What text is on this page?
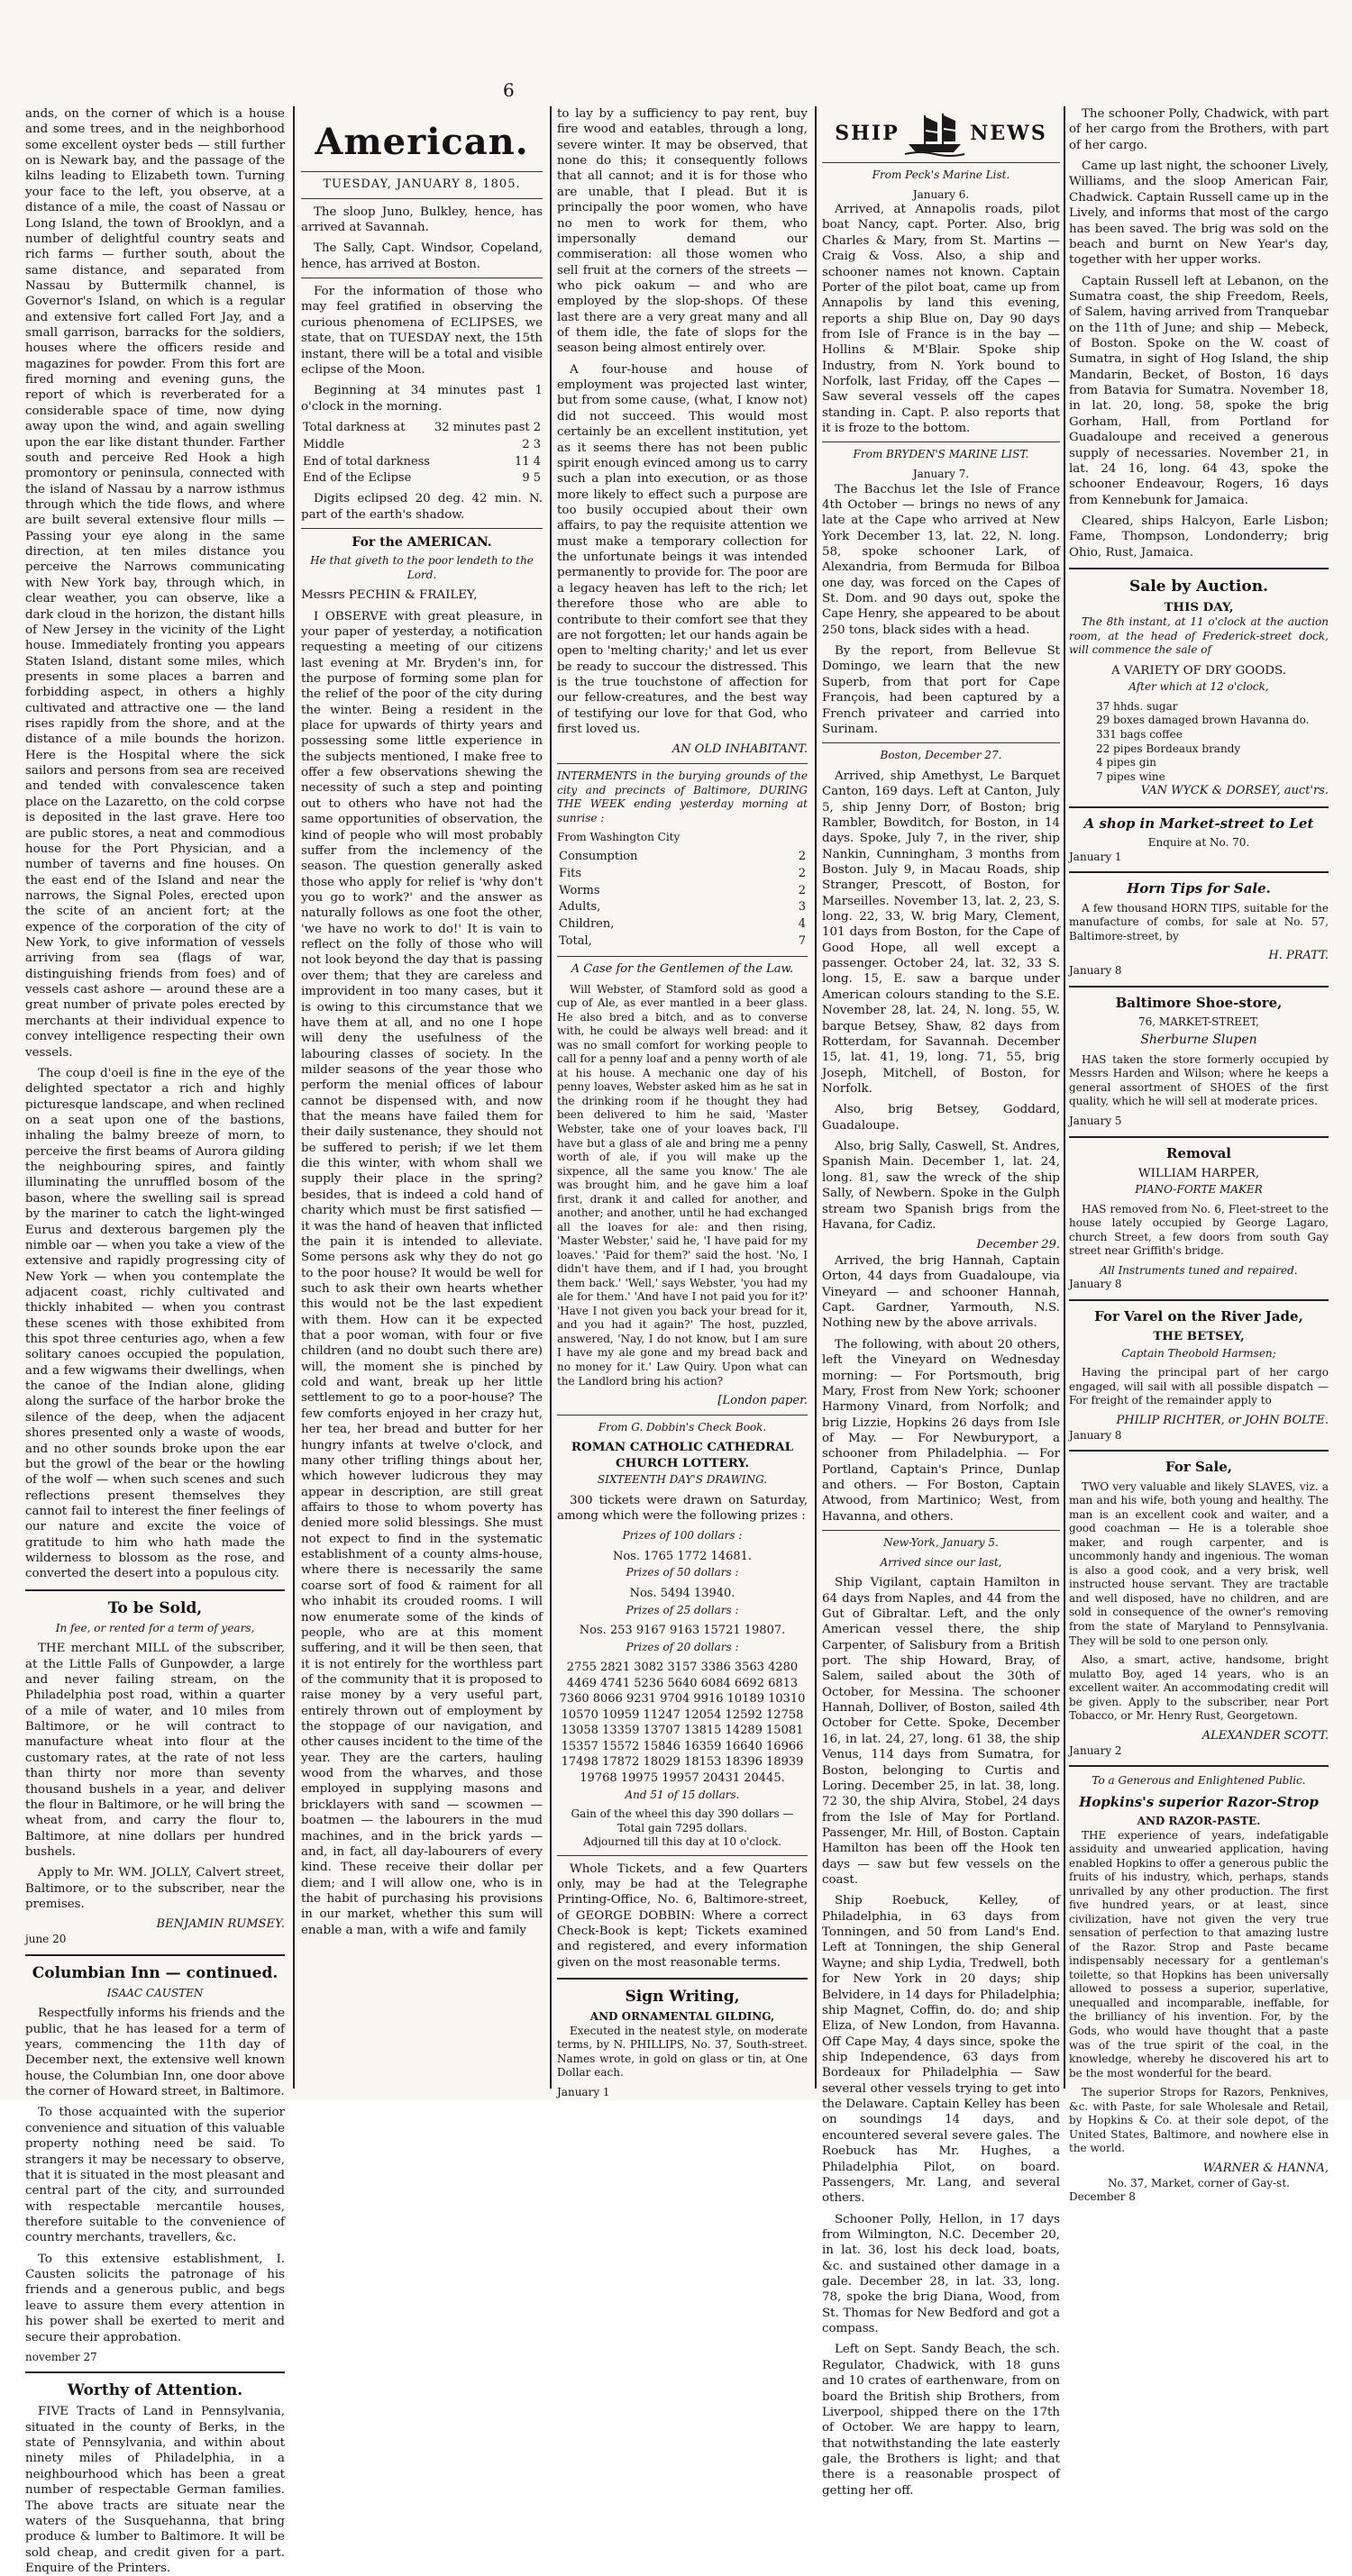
6

ands, on the corner of which is a house and some trees, and in the neighborhood some excellent oyster beds — still further on is Newark bay, and the passage of the kilns leading to Elizabeth town. Turning your face to the left, you observe, at a distance of a mile, the coast of Nassau or Long Island, the town of Brooklyn, and a number of delightful country seats and rich farms — further south, about the same distance, and separated from Nassau by Buttermilk channel, is Governor's Island, on which is a regular and extensive fort called Fort Jay, and a small garrison, barracks for the soldiers, houses where the officers reside and magazines for powder. From this fort are fired morning and evening guns, the report of which is reverberated for a considerable space of time, now dying away upon the wind, and again swelling upon the ear like distant thunder. Farther south and perceive Red Hook a high promontory or peninsula, connected with the island of Nassau by a narrow isthmus through which the tide flows, and where are built several extensive flour mills — Passing your eye along in the same direction, at ten miles distance you perceive the Narrows communicating with New York bay, through which, in clear weather, you can observe, like a dark cloud in the horizon, the distant hills of New Jersey in the vicinity of the Light house. Immediately fronting you appears Staten Island, distant some miles, which presents in some places a barren and forbidding aspect, in others a highly cultivated and attractive one — the land rises rapidly from the shore, and at the distance of a mile bounds the horizon. Here is the Hospital where the sick sailors and persons from sea are received and tended with convalescence taken place on the Lazaretto, on the cold corpse is deposited in the last grave. Here too are public stores, a neat and commodious house for the Port Physician, and a number of taverns and fine houses. On the east end of the Island and near the narrows, the Signal Poles, erected upon the scite of an ancient fort; at the expence of the corporation of the city of New York, to give information of vessels arriving from sea (flags of war, distinguishing friends from foes) and of vessels cast ashore — around these are a great number of private poles erected by merchants at their individual expence to convey intelligence respecting their own vessels.

The coup d'oeil is fine in the eye of the delighted spectator a rich and highly picturesque landscape, and when reclined on a seat upon one of the bastions, inhaling the balmy breeze of morn, to perceive the first beams of Aurora gilding the neighbouring spires, and faintly illuminating the unruffled bosom of the bason, where the swelling sail is spread by the mariner to catch the light-winged Eurus and dexterous bargemen ply the nimble oar — when you take a view of the extensive and rapidly progressing city of New York — when you contemplate the adjacent coast, richly cultivated and thickly inhabited — when you contrast these scenes with those exhibited from this spot three centuries ago, when a few solitary canoes occupied the population, and a few wigwams their dwellings, when the canoe of the Indian alone, gliding along the surface of the harbor broke the silence of the deep, when the adjacent shores presented only a waste of woods, and no other sounds broke upon the ear but the growl of the bear or the howling of the wolf — when such scenes and such reflections present themselves they cannot fail to interest the finer feelings of our nature and excite the voice of gratitude to him who hath made the wilderness to blossom as the rose, and converted the desert into a populous city.

To be Sold,
In fee, or rented for a term of years,

THE merchant MILL of the subscriber, at the Little Falls of Gunpowder, a large and never failing stream, on the Philadelphia post road, within a quarter of a mile of water, and 10 miles from Baltimore, or he will contract to manufacture wheat into flour at the customary rates, at the rate of not less than thirty nor more than seventy thousand bushels in a year, and deliver the flour in Baltimore, or he will bring the wheat from, and carry the flour to, Baltimore, at nine dollars per hundred bushels.

Apply to Mr. WM. JOLLY, Calvert street, Baltimore, or to the subscriber, near the premises.

BENJAMIN RUMSEY.
june 20
Columbian Inn — continued.
ISAAC CAUSTEN

Respectfully informs his friends and the public, that he has leased for a term of years, commencing the 11th day of December next, the extensive well known house, the Columbian Inn, one door above the corner of Howard street, in Baltimore.

To those acquainted with the superior convenience and situation of this valuable property nothing need be said. To strangers it may be necessary to observe, that it is situated in the most pleasant and central part of the city, and surrounded with respectable mercantile houses, therefore suitable to the convenience of country merchants, travellers, &c.

To this extensive establishment, I. Causten solicits the patronage of his friends and a generous public, and begs leave to assure them every attention in his power shall be exerted to merit and secure their approbation.

november 27
Worthy of Attention.

FIVE Tracts of Land in Pennsylvania, situated in the county of Berks, in the state of Pennsylvania, and within about ninety miles of Philadelphia, in a neighbourhood which has been a great number of respectable German families. The above tracts are situate near the waters of the Susquehanna, that bring produce & lumber to Baltimore. It will be sold cheap, and credit given for a part. Enquire of the Printers.

American.
TUESDAY, JANUARY 8, 1805.

The sloop Juno, Bulkley, hence, has arrived at Savannah.

The Sally, Capt. Windsor, Copeland, hence, has arrived at Boston.

For the information of those who may feel gratified in observing the curious phenomena of ECLIPSES, we state, that on TUESDAY next, the 15th instant, there will be a total and visible eclipse of the Moon.

Beginning at 34 minutes past 1 o'clock in the morning.

Total darkness at	32 minutes past 2
Middle	2 3
End of total darkness	11 4
End of the Eclipse	9 5

Digits eclipsed 20 deg. 42 min. N. part of the earth's shadow.

For the AMERICAN.
He that giveth to the poor lendeth to the Lord.

Messrs PECHIN & FRAILEY,

I OBSERVE with great pleasure, in your paper of yesterday, a notification requesting a meeting of our citizens last evening at Mr. Bryden's inn, for the purpose of forming some plan for the relief of the poor of the city during the winter. Being a resident in the place for upwards of thirty years and possessing some little experience in the subjects mentioned, I make free to offer a few observations shewing the necessity of such a step and pointing out to others who have not had the same opportunities of observation, the kind of people who will most probably suffer from the inclemency of the season. The question generally asked those who apply for relief is 'why don't you go to work?' and the answer as naturally follows as one foot the other, 'we have no work to do!' It is vain to reflect on the folly of those who will not look beyond the day that is passing over them; that they are careless and improvident in too many cases, but it is owing to this circumstance that we have them at all, and no one I hope will deny the usefulness of the labouring classes of society. In the milder seasons of the year those who perform the menial offices of labour cannot be dispensed with, and now that the means have failed them for their daily sustenance, they should not be suffered to perish; if we let them die this winter, with whom shall we supply their place in the spring? besides, that is indeed a cold hand of charity which must be first satisfied — it was the hand of heaven that inflicted the pain it is intended to alleviate. Some persons ask why they do not go to the poor house? It would be well for such to ask their own hearts whether this would not be the last expedient with them. How can it be expected that a poor woman, with four or five children (and no doubt such there are) will, the moment she is pinched by cold and want, break up her little settlement to go to a poor-house? The few comforts enjoyed in her crazy hut, her tea, her bread and butter for her hungry infants at twelve o'clock, and many other trifling things about her, which however ludicrous they may appear in description, are still great affairs to those to whom poverty has denied more solid blessings. She must not expect to find in the systematic establishment of a county alms-house, where there is necessarily the same coarse sort of food & raiment for all who inhabit its crouded rooms. I will now enumerate some of the kinds of people, who are at this moment suffering, and it will be then seen, that it is not entirely for the worthless part of the community that it is proposed to raise money by a very useful part, entirely thrown out of employment by the stoppage of our navigation, and other causes incident to the time of the year. They are the carters, hauling wood from the wharves, and those employed in supplying masons and bricklayers with sand — scowmen — boatmen — the labourers in the mud machines, and in the brick yards — and, in fact, all day-labourers of every kind. These receive their dollar per diem; and I will allow one, who is in the habit of purchasing his provisions in our market, whether this sum will enable a man, with a wife and family

to lay by a sufficiency to pay rent, buy fire wood and eatables, through a long, severe winter. It may be observed, that none do this; it consequently follows that all cannot; and it is for those who are unable, that I plead. But it is principally the poor women, who have no men to work for them, who impersonally demand our commiseration: all those women who sell fruit at the corners of the streets — who pick oakum — and who are employed by the slop-shops. Of these last there are a very great many and all of them idle, the fate of slops for the season being almost entirely over.

A four-house and house of employment was projected last winter, but from some cause, (what, I know not) did not succeed. This would most certainly be an excellent institution, yet as it seems there has not been public spirit enough evinced among us to carry such a plan into execution, or as those more likely to effect such a purpose are too busily occupied about their own affairs, to pay the requisite attention we must make a temporary collection for the unfortunate beings it was intended permanently to provide for. The poor are a legacy heaven has left to the rich; let therefore those who are able to contribute to their comfort see that they are not forgotten; let our hands again be open to 'melting charity;' and let us ever be ready to succour the distressed. This is the true touchstone of affection for our fellow-creatures, and the best way of testifying our love for that God, who first loved us.

AN OLD INHABITANT.

INTERMENTS in the burying grounds of the city and precincts of Baltimore, DURING THE WEEK ending yesterday morning at sunrise :

From Washington City
Consumption	2
Fits	2
Worms	2
Adults,	3
Children,	4
Total,	7
A Case for the Gentlemen of the Law.

Will Webster, of Stamford sold as good a cup of Ale, as ever mantled in a beer glass. He also bred a bitch, and as to converse with, he could be always well bread: and it was no small comfort for working people to call for a penny loaf and a penny worth of ale at his house. A mechanic one day of his penny loaves, Webster asked him as he sat in the drinking room if he thought they had been delivered to him he said, 'Master Webster, take one of your loaves back, I'll have but a glass of ale and bring me a penny worth of ale, if you will make up the sixpence, all the same you know.' The ale was brought him, and he gave him a loaf first, drank it and called for another, and another; and another, until he had exchanged all the loaves for ale: and then rising, 'Master Webster,' said he, 'I have paid for my loaves.' 'Paid for them?' said the host. 'No, I didn't have them, and if I had, you brought them back.' 'Well,' says Webster, 'you had my ale for them.' 'And have I not paid you for it?' 'Have I not given you back your bread for it, and you had it again?' The host, puzzled, answered, 'Nay, I do not know, but I am sure I have my ale gone and my bread back and no money for it.' Law Quiry. Upon what can the Landlord bring his action?

[London paper.
From G. Dobbin's Check Book.
ROMAN CATHOLIC CATHEDRAL CHURCH LOTTERY.
SIXTEENTH DAY'S DRAWING.

300 tickets were drawn on Saturday, among which were the following prizes :

Prizes of 100 dollars :
Nos. 1765 1772 14681.
Prizes of 50 dollars :
Nos. 5494 13940.
Prizes of 25 dollars :
Nos. 253 9167 9163 15721 19807.
Prizes of 20 dollars :
2755 2821 3082 3157 3386 3563 4280 4469 4741 5236 5640 6084 6692 6813 7360 8066 9231 9704 9916 10189 10310 10570 10959 11247 12054 12592 12758 13058 13359 13707 13815 14289 15081 15357 15572 15846 16359 16640 16966 17498 17872 18029 18153 18396 18939 19768 19975 19957 20431 20445.
And 51 of 15 dollars.
Gain of the wheel this day 390 dollars — Total gain 7295 dollars.
Adjourned till this day at 10 o'clock.

Whole Tickets, and a few Quarters only, may be had at the Telegraphe Printing-Office, No. 6, Baltimore-street, of GEORGE DOBBIN: Where a correct Check-Book is kept; Tickets examined and registered, and every information given on the most reasonable terms.

Sign Writing,
AND ORNAMENTAL GILDING,

Executed in the neatest style, on moderate terms, by N. PHILLIPS, No. 37, South-street. Names wrote, in gold on glass or tin, at One Dollar each.

January 1
SHIP	NEWS
From Peck's Marine List.
January 6.

Arrived, at Annapolis roads, pilot boat Nancy, capt. Porter. Also, brig Charles & Mary, from St. Martins — Craig & Voss. Also, a ship and schooner names not known. Captain Porter of the pilot boat, came up from Annapolis by land this evening, reports a ship Blue on, Day 90 days from Isle of France is in the bay — Hollins & M'Blair. Spoke ship Industry, from N. York bound to Norfolk, last Friday, off the Capes — Saw several vessels off the capes standing in. Capt. P. also reports that it is froze to the bottom.

From BRYDEN'S MARINE LIST.
January 7.

The Bacchus let the Isle of France 4th October — brings no news of any late at the Cape who arrived at New York December 13, lat. 22, N. long. 58, spoke schooner Lark, of Alexandria, from Bermuda for Bilboa one day, was forced on the Capes of St. Dom. and 90 days out, spoke the Cape Henry, she appeared to be about 250 tons, black sides with a head.

By the report, from Bellevue St Domingo, we learn that the new Superb, from that port for Cape François, had been captured by a French privateer and carried into Surinam.

Boston, December 27.

Arrived, ship Amethyst, Le Barquet Canton, 169 days. Left at Canton, July 5, ship Jenny Dorr, of Boston; brig Rambler, Bowditch, for Boston, in 14 days. Spoke, July 7, in the river, ship Nankin, Cunningham, 3 months from Boston. July 9, in Macau Roads, ship Stranger, Prescott, of Boston, for Marseilles. November 13, lat. 2, 23, S. long. 22, 33, W. brig Mary, Clement, 101 days from Boston, for the Cape of Good Hope, all well except a passenger. October 24, lat. 32, 33 S. long. 15, E. saw a barque under American colours standing to the S.E. November 28, lat. 24, N. long. 55, W. barque Betsey, Shaw, 82 days from Rotterdam, for Savannah. December 15, lat. 41, 19, long. 71, 55, brig Joseph, Mitchell, of Boston, for Norfolk.

Also, brig Betsey, Goddard, Guadaloupe.

Also, brig Sally, Caswell, St. Andres, Spanish Main. December 1, lat. 24, long. 81, saw the wreck of the ship Sally, of Newbern. Spoke in the Gulph stream two Spanish brigs from the Havana, for Cadiz.

December 29.

Arrived, the brig Hannah, Captain Orton, 44 days from Guadaloupe, via Vineyard — and schooner Hannah, Capt. Gardner, Yarmouth, N.S. Nothing new by the above arrivals.

The following, with about 20 others, left the Vineyard on Wednesday morning: — For Portsmouth, brig Mary, Frost from New York; schooner Harmony Vinard, from Norfolk; and brig Lizzie, Hopkins 26 days from Isle of May. — For Newburyport, a schooner from Philadelphia. — For Portland, Captain's Prince, Dunlap and others. — For Boston, Captain Atwood, from Martinico; West, from Havanna, and others.

New-York, January 5.
Arrived since our last,

Ship Vigilant, captain Hamilton in 64 days from Naples, and 44 from the Gut of Gibraltar. Left, and the only American vessel there, the ship Carpenter, of Salisbury from a British port. The ship Howard, Bray, of Salem, sailed about the 30th of October, for Messina. The schooner Hannah, Dolliver, of Boston, sailed 4th October for Cette. Spoke, December 16, in lat. 24, 27, long. 61 38, the ship Venus, 114 days from Sumatra, for Boston, belonging to Curtis and Loring. December 25, in lat. 38, long. 72 30, the ship Alvira, Stobel, 24 days from the Isle of May for Portland. Passenger, Mr. Hill, of Boston. Captain Hamilton has been off the Hook ten days — saw but few vessels on the coast.

Ship Roebuck, Kelley, of Philadelphia, in 63 days from Tonningen, and 50 from Land's End. Left at Tonningen, the ship General Wayne; and ship Lydia, Tredwell, both for New York in 20 days; ship Belvidere, in 14 days for Philadelphia; ship Magnet, Coffin, do. do; and ship Eliza, of New London, from Havanna. Off Cape May, 4 days since, spoke the ship Independence, 63 days from Bordeaux for Philadelphia — Saw several other vessels trying to get into the Delaware. Captain Kelley has been on soundings 14 days, and encountered several severe gales. The Roebuck has Mr. Hughes, a Philadelphia Pilot, on board. Passengers, Mr. Lang, and several others.

Schooner Polly, Hellon, in 17 days from Wilmington, N.C. December 20, in lat. 36, lost his deck load, boats, &c. and sustained other damage in a gale. December 28, in lat. 33, long. 78, spoke the brig Diana, Wood, from St. Thomas for New Bedford and got a compass.

Left on Sept. Sandy Beach, the sch. Regulator, Chadwick, with 18 guns and 10 crates of earthenware, from on board the British ship Brothers, from Liverpool, shipped there on the 17th of October. We are happy to learn, that notwithstanding the late easterly gale, the Brothers is light; and that there is a reasonable prospect of getting her off.

The schooner Polly, Chadwick, with part of her cargo from the Brothers, with part of her cargo.

Came up last night, the schooner Lively, Williams, and the sloop American Fair, Chadwick. Captain Russell came up in the Lively, and informs that most of the cargo has been saved. The brig was sold on the beach and burnt on New Year's day, together with her upper works.

Captain Russell left at Lebanon, on the Sumatra coast, the ship Freedom, Reels, of Salem, having arrived from Tranquebar on the 11th of June; and ship — Mebeck, of Boston. Spoke on the W. coast of Sumatra, in sight of Hog Island, the ship Mandarin, Becket, of Boston, 16 days from Batavia for Sumatra. November 18, in lat. 20, long. 58, spoke the brig Gorham, Hall, from Portland for Guadaloupe and received a generous supply of necessaries. November 21, in lat. 24 16, long. 64 43, spoke the schooner Endeavour, Rogers, 16 days from Kennebunk for Jamaica.

Cleared, ships Halcyon, Earle Lisbon; Fame, Thompson, Londonderry; brig Ohio, Rust, Jamaica.

Sale by Auction.
THIS DAY,

The 8th instant, at 11 o'clock at the auction room, at the head of Frederick-street dock, will commence the sale of

A VARIETY OF DRY GOODS.
After which at 12 o'clock,
37 hhds. sugar
29 boxes damaged brown Havanna do.
331 bags coffee
22 pipes Bordeaux brandy
4 pipes gin
7 pipes wine
VAN WYCK & DORSEY, auct'rs.
A shop in Market-street to Let
Enquire at No. 70.
January 1
Horn Tips for Sale.

A few thousand HORN TIPS, suitable for the manufacture of combs, for sale at No. 57, Baltimore-street, by

H. PRATT.
January 8
Baltimore Shoe-store,
76, MARKET-STREET,
Sherburne Slupen

HAS taken the store formerly occupied by Messrs Harden and Wilson; where he keeps a general assortment of SHOES of the first quality, which he will sell at moderate prices.

January 5
Removal
WILLIAM HARPER,
PIANO-FORTE MAKER

HAS removed from No. 6, Fleet-street to the house lately occupied by George Lagaro, church Street, a few doors from south Gay street near Griffith's bridge.

All Instruments tuned and repaired.
January 8
For Varel on the River Jade,
THE BETSEY,
Captain Theobold Harmsen;

Having the principal part of her cargo engaged, will sail with all possible dispatch — For freight of the remainder apply to

PHILIP RICHTER, or JOHN BOLTE.
January 8
For Sale,

TWO very valuable and likely SLAVES, viz. a man and his wife, both young and healthy. The man is an excellent cook and waiter, and a good coachman — He is a tolerable shoe maker, and rough carpenter, and is uncommonly handy and ingenious. The woman is also a good cook, and a very brisk, well instructed house servant. They are tractable and well disposed, have no children, and are sold in consequence of the owner's removing from the state of Maryland to Pennsylvania. They will be sold to one person only.

Also, a smart, active, handsome, bright mulatto Boy, aged 14 years, who is an excellent waiter. An accommodating credit will be given. Apply to the subscriber, near Port Tobacco, or Mr. Henry Rust, Georgetown.

ALEXANDER SCOTT.
January 2
To a Generous and Enlightened Public.
Hopkins's superior Razor-Strop
AND RAZOR-PASTE.

THE experience of years, indefatigable assiduity and unwearied application, having enabled Hopkins to offer a generous public the fruits of his industry, which, perhaps, stands unrivalled by any other production. The first five hundred years, or at least, since civilization, have not given the very true sensation of perfection to that amazing lustre of the Razor. Strop and Paste became indispensably necessary for a gentleman's toilette, so that Hopkins has been universally allowed to possess a superior, superlative, unequalled and incomparable, ineffable, for the brilliancy of his invention. For, by the Gods, who would have thought that a paste was of the true spirit of the coal, in the knowledge, whereby he discovered his art to be the most wonderful for the beard.

The superior Strops for Razors, Penknives, &c. with Paste, for sale Wholesale and Retail, by Hopkins & Co. at their sole depot, of the United States, Baltimore, and nowhere else in the world.

WARNER & HANNA,
No. 37, Market, corner of Gay-st.
December 8
